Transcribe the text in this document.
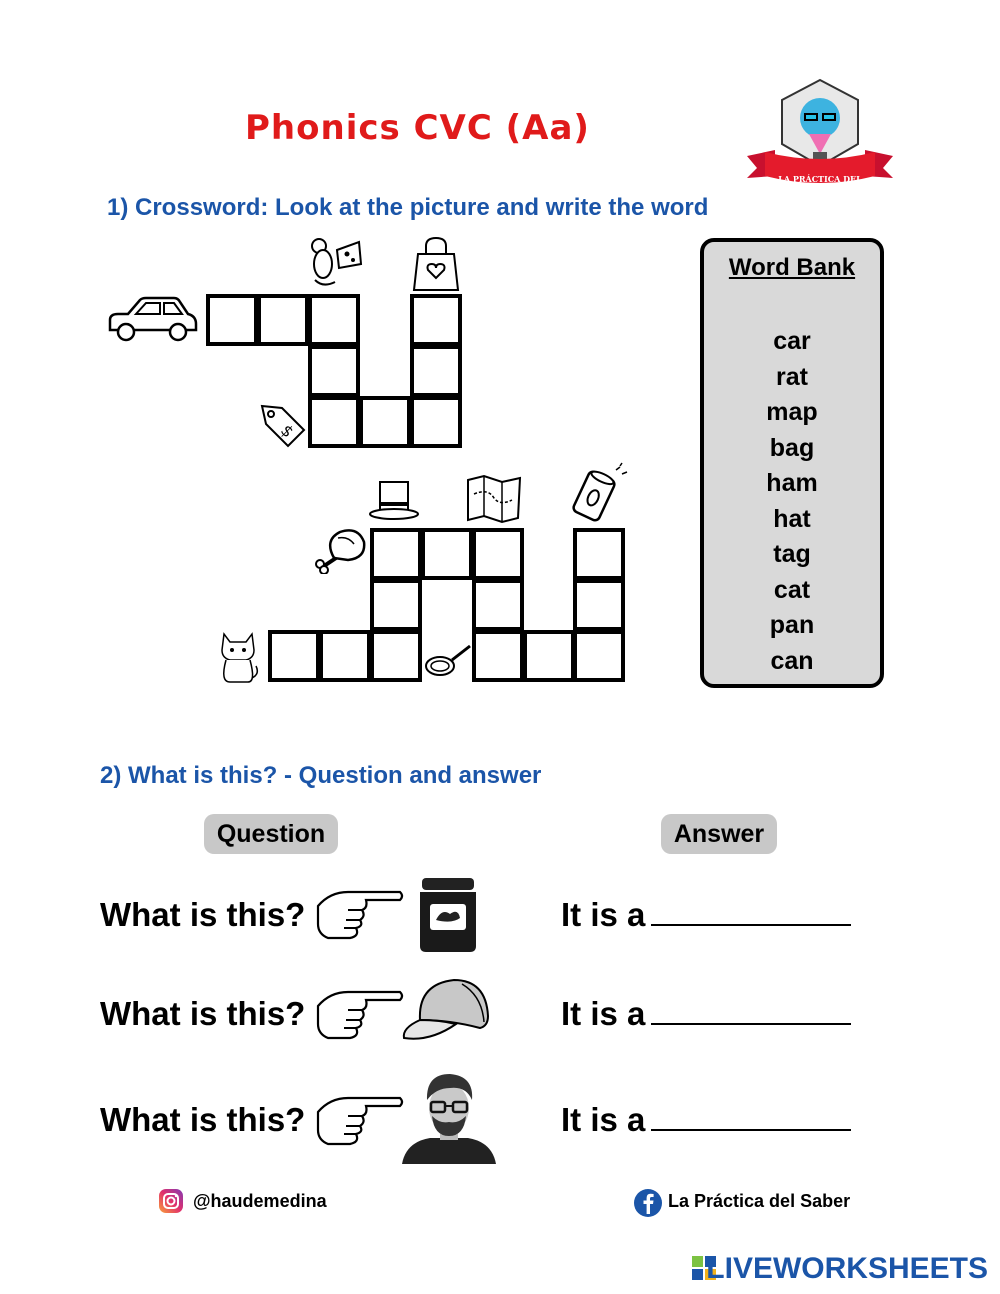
Phonics CVC (Aa)
LA PRÁCTICA DEL SABER
1) Crossword: Look at the picture and write the word
$
Word Bank
car
rat
map
bag
ham
hat
tag
cat
pan
can
2) What is this? - Question and answer
Question	Answer
What is this?	It is a
What is this?	It is a
What is this?	It is a
@haudemedina	La Práctica del Saber
LIVEWORKSHEETS
